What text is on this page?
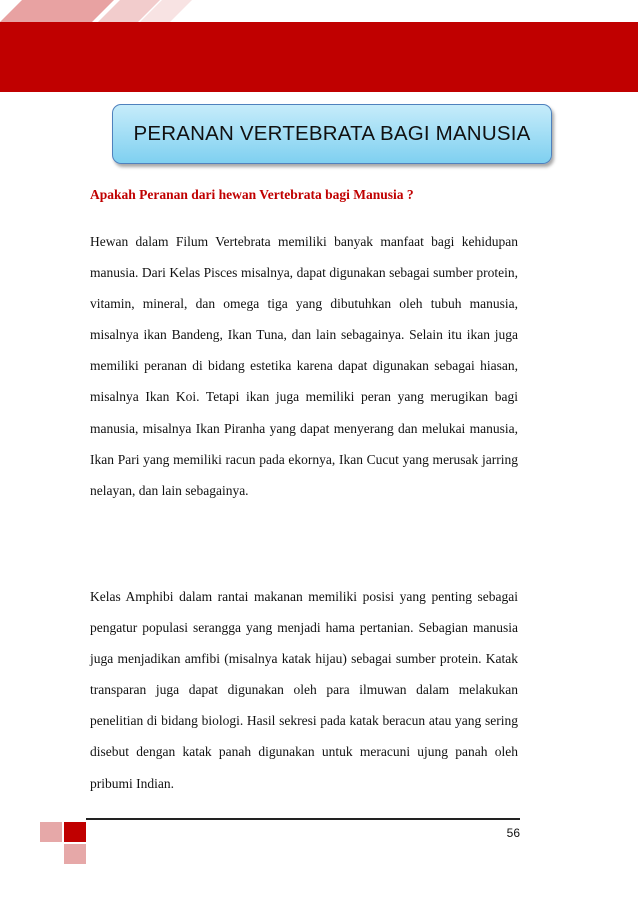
PERANAN VERTEBRATA BAGI MANUSIA
Apakah Peranan dari hewan Vertebrata bagi Manusia ?

Hewan dalam Filum Vertebrata memiliki banyak manfaat bagi kehidupan manusia. Dari Kelas Pisces misalnya, dapat digunakan sebagai sumber protein, vitamin, mineral, dan omega tiga yang dibutuhkan oleh tubuh manusia, misalnya ikan Bandeng, Ikan Tuna, dan lain sebagainya. Selain itu ikan juga memiliki peranan di bidang estetika karena dapat digunakan sebagai hiasan, misalnya Ikan Koi. Tetapi ikan juga memiliki peran yang merugikan bagi manusia, misalnya Ikan Piranha yang dapat menyerang dan melukai manusia, Ikan Pari yang memiliki racun pada ekornya, Ikan Cucut yang merusak jarring nelayan, dan lain sebagainya.

Kelas Amphibi dalam rantai makanan memiliki posisi yang penting sebagai pengatur populasi serangga yang menjadi hama pertanian. Sebagian manusia juga menjadikan amfibi (misalnya katak hijau) sebagai sumber protein. Katak transparan juga dapat digunakan oleh para ilmuwan dalam melakukan penelitian di bidang biologi. Hasil sekresi pada katak beracun atau yang sering disebut dengan katak panah digunakan untuk meracuni ujung panah oleh pribumi Indian.

56
